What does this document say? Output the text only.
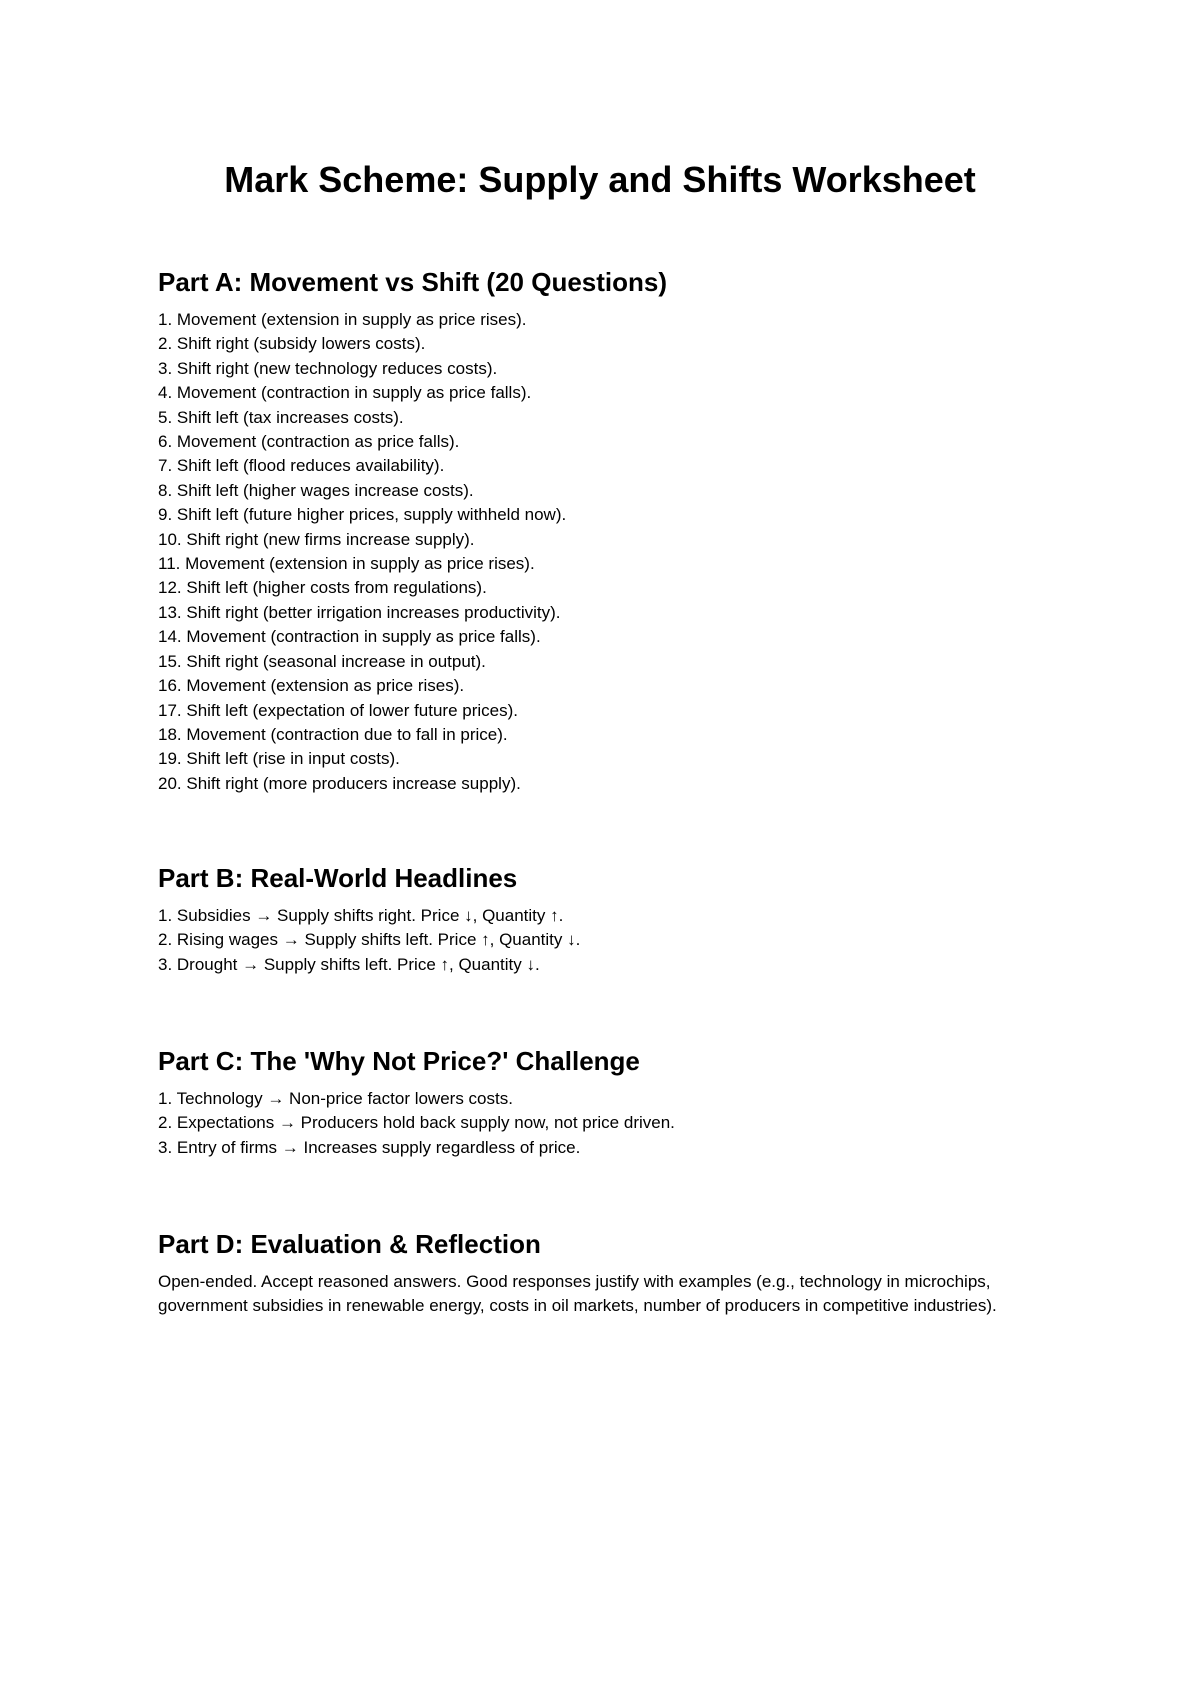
Mark Scheme: Supply and Shifts Worksheet
Part A: Movement vs Shift (20 Questions)
1. Movement (extension in supply as price rises).
2. Shift right (subsidy lowers costs).
3. Shift right (new technology reduces costs).
4. Movement (contraction in supply as price falls).
5. Shift left (tax increases costs).
6. Movement (contraction as price falls).
7. Shift left (flood reduces availability).
8. Shift left (higher wages increase costs).
9. Shift left (future higher prices, supply withheld now).
10. Shift right (new firms increase supply).
11. Movement (extension in supply as price rises).
12. Shift left (higher costs from regulations).
13. Shift right (better irrigation increases productivity).
14. Movement (contraction in supply as price falls).
15. Shift right (seasonal increase in output).
16. Movement (extension as price rises).
17. Shift left (expectation of lower future prices).
18. Movement (contraction due to fall in price).
19. Shift left (rise in input costs).
20. Shift right (more producers increase supply).
Part B: Real-World Headlines
1. Subsidies → Supply shifts right. Price ↓, Quantity ↑.
2. Rising wages → Supply shifts left. Price ↑, Quantity ↓.
3. Drought → Supply shifts left. Price ↑, Quantity ↓.
Part C: The 'Why Not Price?' Challenge
1. Technology → Non-price factor lowers costs.
2. Expectations → Producers hold back supply now, not price driven.
3. Entry of firms → Increases supply regardless of price.
Part D: Evaluation & Reflection

Open-ended. Accept reasoned answers. Good responses justify with examples (e.g., technology in microchips, government subsidies in renewable energy, costs in oil markets, number of producers in competitive industries).
